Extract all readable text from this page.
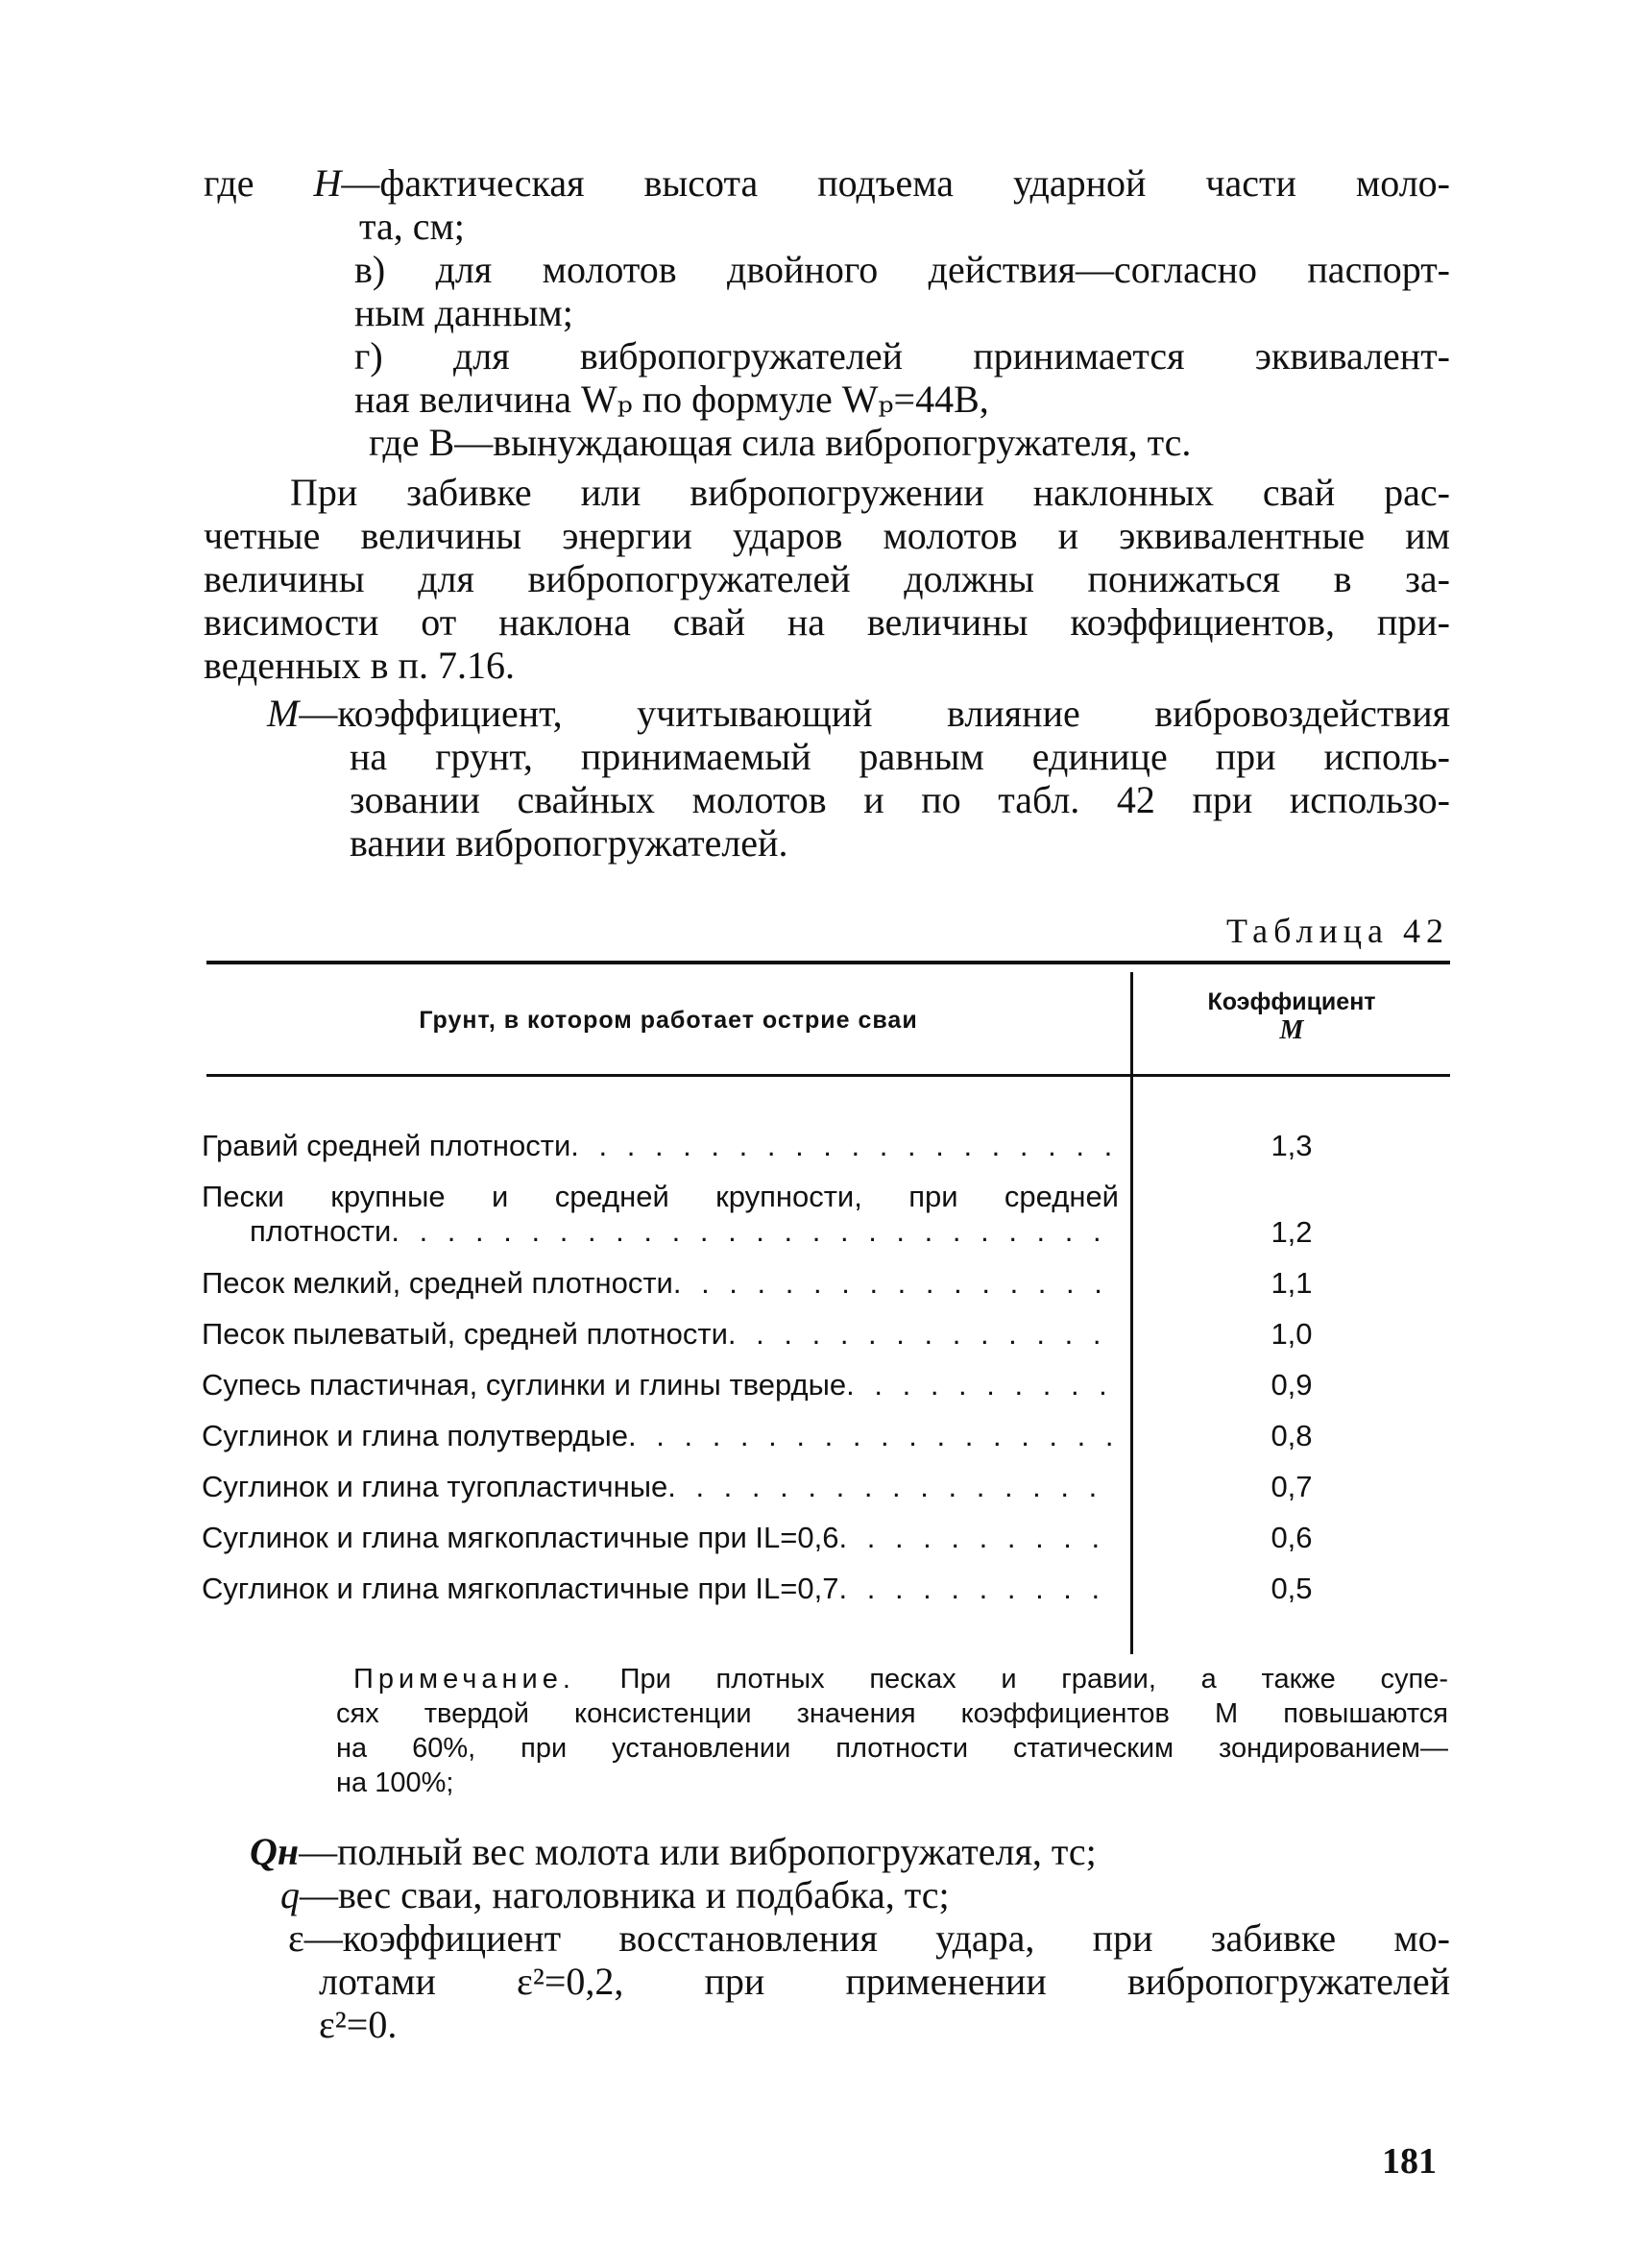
где H—фактическая высота подъема ударной части моло-
та, см;
в) для молотов двойного действия—согласно паспорт-
ным данным;
г) для вибропогружателей принимается эквивалент-
ная величина Wₚ по формуле Wₚ=44B,
где В—вынуждающая сила вибропогружателя, тс.
При забивке или вибропогружении наклонных свай рас-
четные величины энергии ударов молотов и эквивалентные им
величины для вибропогружателей должны понижаться в за-
висимости от наклона свай на величины коэффициентов, при-
веденных в п. 7.16.
M—коэффициент, учитывающий влияние вибровоздействия
на грунт, принимаемый равным единице при исполь-
зовании свайных молотов и по табл. 42 при использо-
вании вибропогружателей.
Таблица 42
Грунт, в котором работает острие сваи
Коэффициент
M
Гравий средней плотности . . .	1,3
Пески крупные и средней крупности, при средней
плотности . . .	1,2
Песок мелкий, средней плотности . . .	1,1
Песок пылеватый, средней плотности . . .	1,0
Супесь пластичная, суглинки и глины твердые . . .	0,9
Суглинок и глина полутвердые . . .	0,8
Суглинок и глина тугопластичные . . .	0,7
Суглинок и глина мягкопластичные при IL=0,6 . . .	0,6
Суглинок и глина мягкопластичные при IL=0,7 . . .	0,5
Примечание. При плотных песках и гравии, а также супе-
сях твердой консистенции значения коэффициентов М повышаются
на 60%, при установлении плотности статическим зондированием—
на 100%;
Qн—полный вес молота или вибропогружателя, тс;
q—вес сваи, наголовника и подбабка, тс;
ε—коэффициент восстановления удара, при забивке мо-
лотами ε²=0,2, при применении вибропогружателей
ε²=0.
181
